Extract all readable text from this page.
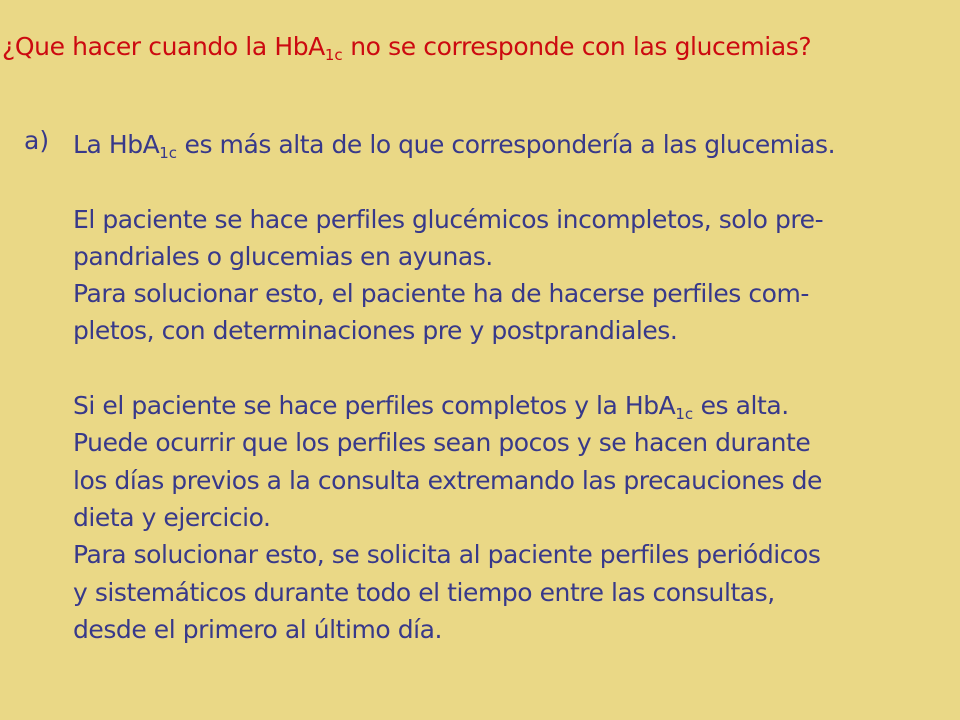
¿Que hacer cuando la HbA$_{1c}$ no se corresponde con las glucemias?
a) La HbA$_{1c}$ es más alta de lo que correspondería a las glucemias.
El paciente se hace perfiles glucémicos incompletos, solo pre-
pandriales o glucemias en ayunas.
Para solucionar esto, el paciente ha de hacerse perfiles com-
pletos, con determinaciones pre y postprandiales.
Si el paciente se hace perfiles completos y la HbA$_{1c}$ es alta.
Puede ocurrir que los perfiles sean pocos y se hacen durante
los días previos a la consulta extremando las precauciones de
dieta y ejercicio.
Para solucionar esto, se solicita al paciente perfiles periódicos
y sistemáticos durante todo el tiempo entre las consultas,
desde el primero al último día.
